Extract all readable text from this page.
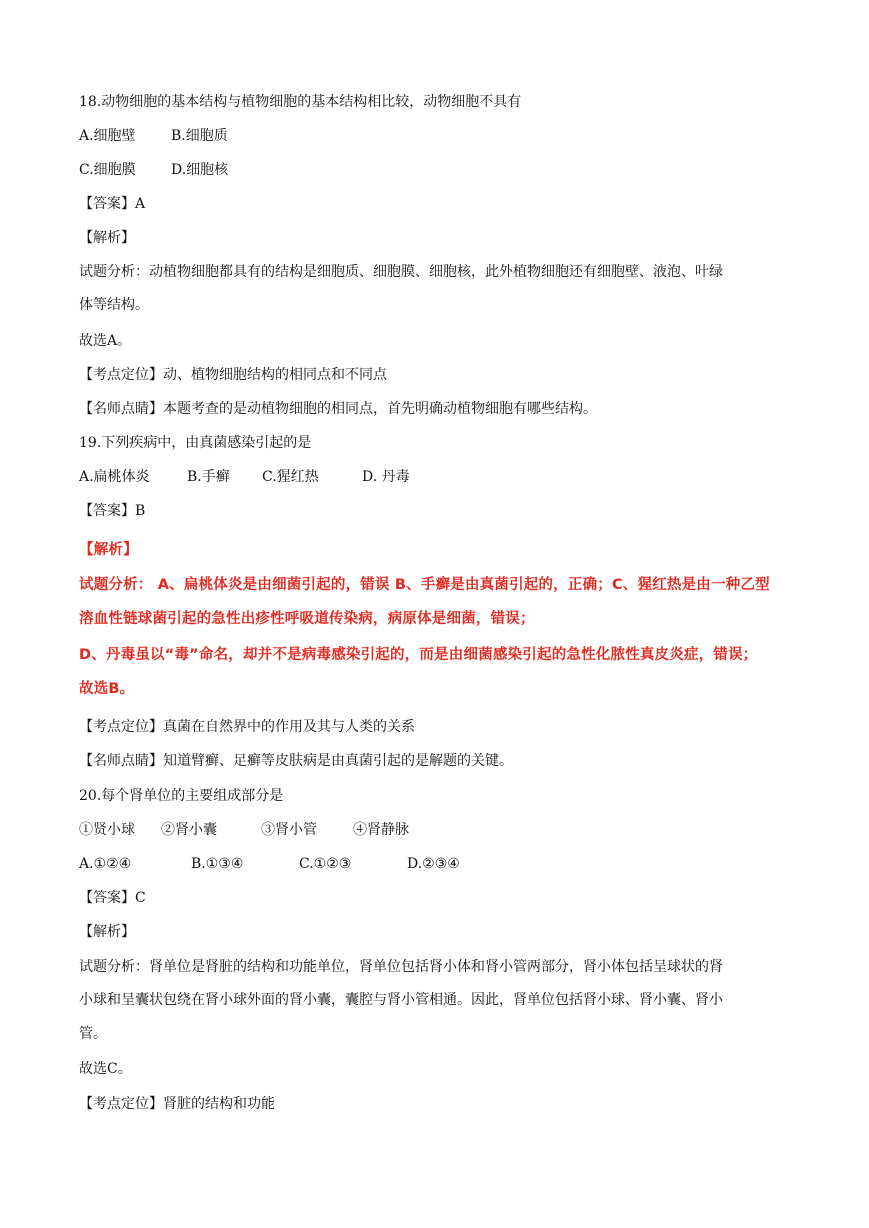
18.动物细胞的基本结构与植物细胞的基本结构相比较，动物细胞不具有
A.细胞壁	B.细胞质
C.细胞膜	D.细胞核
【答案】A
【解析】
试题分析：动植物细胞都具有的结构是细胞质、细胞膜、细胞核，此外植物细胞还有细胞壁、液泡、叶绿
体等结构。
故选A。
【考点定位】动、植物细胞结构的相同点和不同点
【名师点睛】本题考查的是动植物细胞的相同点，首先明确动植物细胞有哪些结构。
19.下列疾病中，由真菌感染引起的是
A.扁桃体炎	B.手癣 C.猩红热	D. 丹毒
【答案】B
【解析】
试题分析： A、扁桃体炎是由细菌引起的，错误 B、手癣是由真菌引起的，正确；C、猩红热是由一种乙型
溶血性链球菌引起的急性出疹性呼吸道传染病，病原体是细菌，错误；
D、丹毒虽以“毒”命名，却并不是病毒感染引起的，而是由细菌感染引起的急性化脓性真皮炎症，错误；
故选B。
【考点定位】真菌在自然界中的作用及其与人类的关系
【名师点睛】知道臂癣、足癣等皮肤病是由真菌引起的是解题的关键。
20.每个肾单位的主要组成部分是
①贤小球 ②肾小囊	③肾小管	④肾静脉
A.①②④	B.①③④	C.①②③	D.②③④
【答案】C
【解析】
试题分析：肾单位是肾脏的结构和功能单位，肾单位包括肾小体和肾小管两部分，肾小体包括呈球状的肾
小球和呈囊状包绕在肾小球外面的肾小囊，囊腔与肾小管相通。因此，肾单位包括肾小球、肾小囊、肾小
管。
故选C。
【考点定位】肾脏的结构和功能
